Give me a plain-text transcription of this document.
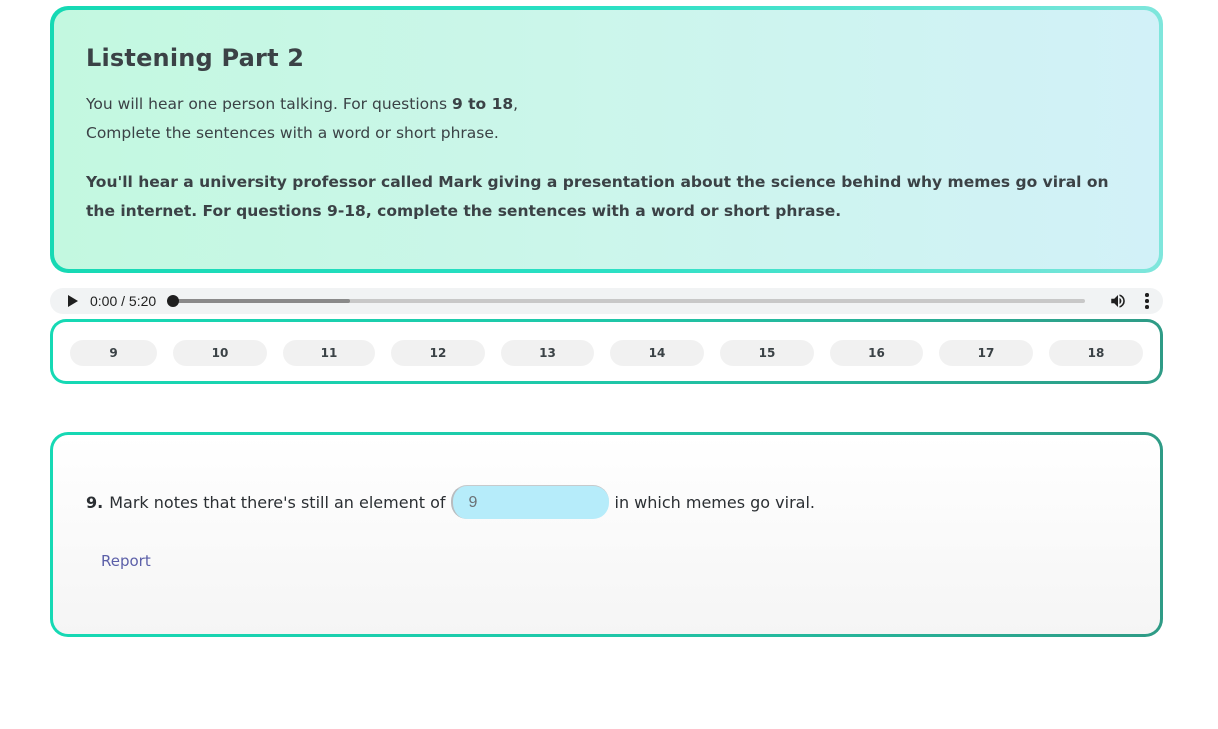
Listening Part 2

You will hear one person talking. For questions 9 to 18,
Complete the sentences with a word or short phrase.

You'll hear a university professor called Mark giving a presentation about the science behind why memes go viral on the internet. For questions 9-18, complete the sentences with a word or short phrase.

0:00 / 5:20
9	10	11	12	13	14	15	16	17	18
9. Mark notes that there's still an element of
9	in which memes go viral.
Report
